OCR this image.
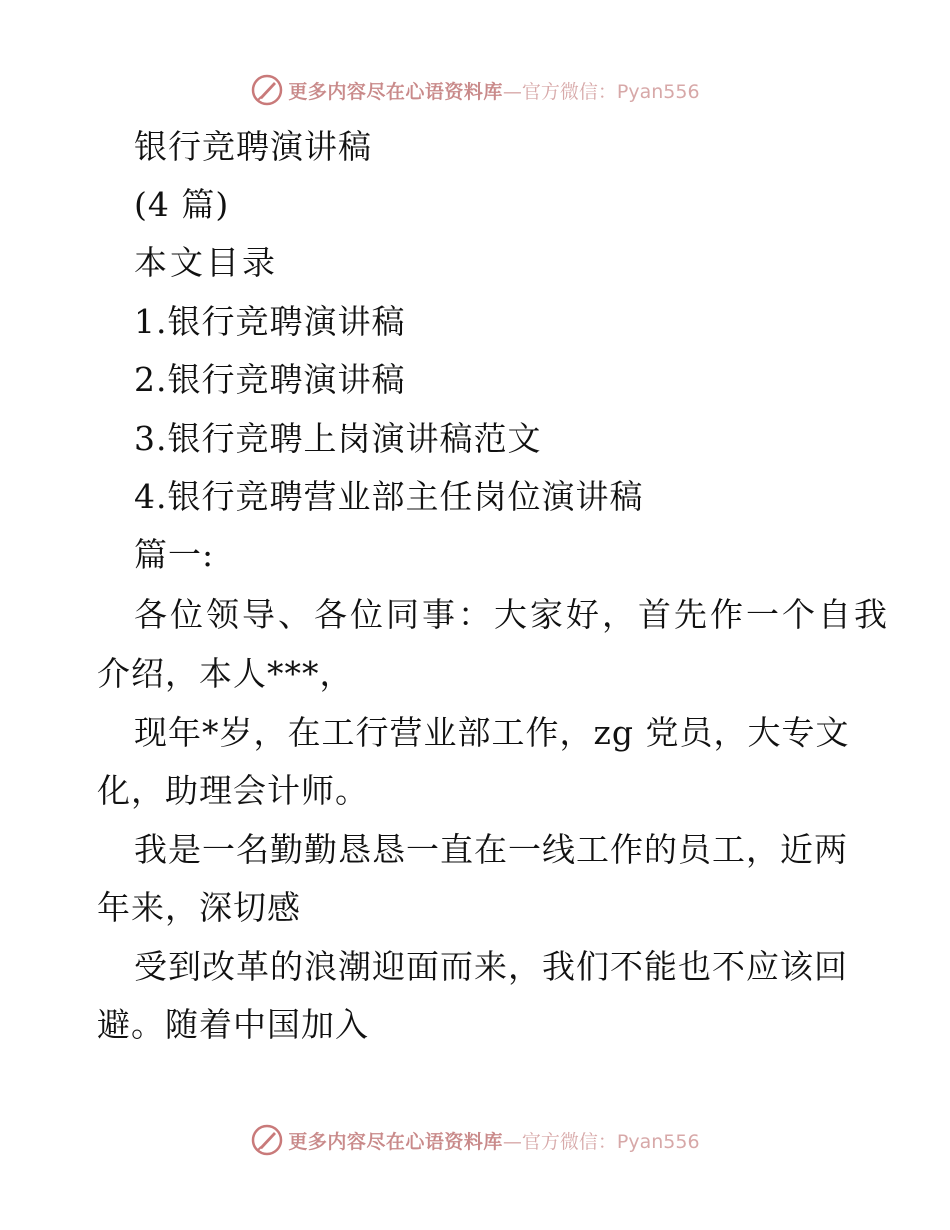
更多内容尽在心语资料库 —官方微信：Pyan556
银行竞聘演讲稿
(4 篇)
本文目录
1.银行竞聘演讲稿
2.银行竞聘演讲稿
3.银行竞聘上岗演讲稿范文
4.银行竞聘营业部主任岗位演讲稿
篇一:
各位领导、各位同事：大家好，首先作一个自我
介绍，本人***，
现年*岁，在工行营业部工作，zg 党员，大专文
化，助理会计师。
我是一名勤勤恳恳一直在一线工作的员工，近两
年来，深切感
受到改革的浪潮迎面而来，我们不能也不应该回
避。随着中国加入
更多内容尽在心语资料库 —官方微信：Pyan556
